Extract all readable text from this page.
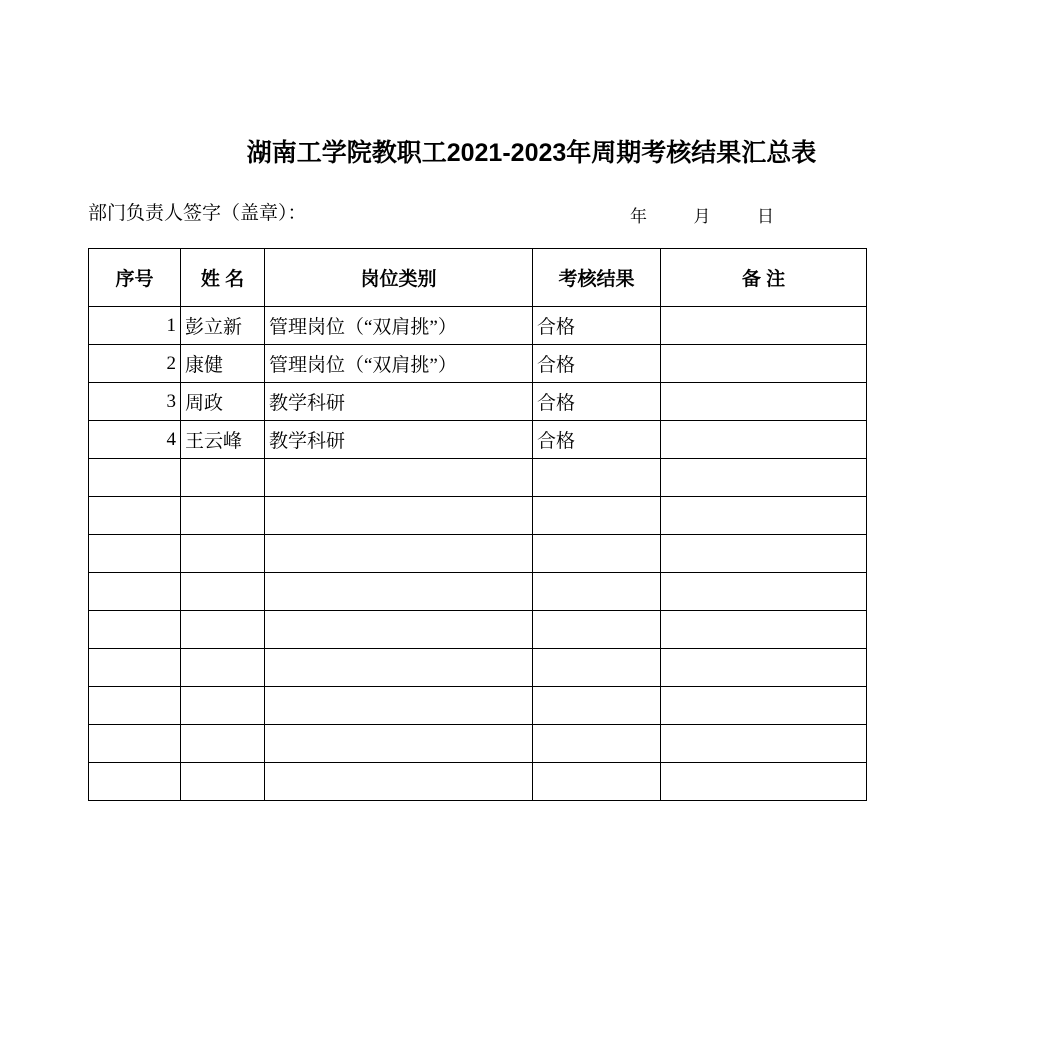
湖南工学院教职工2021-2023年周期考核结果汇总表
部门负责人签字（盖章）：	年	月	日
序号	姓 名	岗位类别	考核结果	备 注
1	彭立新	管理岗位（“双肩挑”）	合格	
2	康健	管理岗位（“双肩挑”）	合格	
3	周政	教学科研	合格	
4	王云峰	教学科研	合格	
